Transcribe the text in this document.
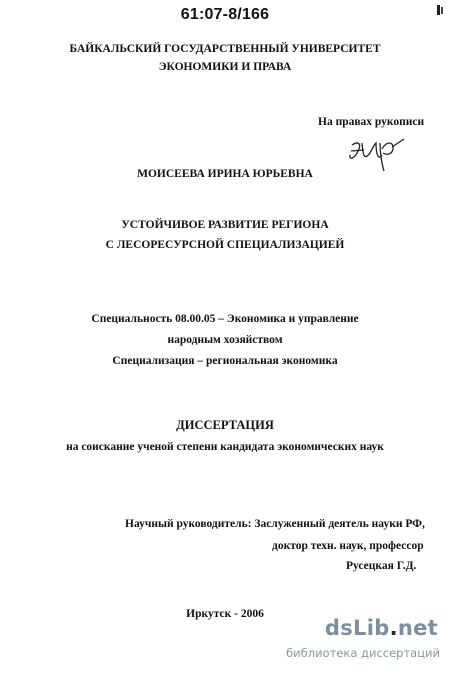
61:07-8/166
БАЙКАЛЬСКИЙ ГОСУДАРСТВЕННЫЙ УНИВЕРСИТЕТ
ЭКОНОМИКИ И ПРАВА
На правах рукописи
МОИСЕЕВА ИРИНА ЮРЬЕВНА
УСТОЙЧИВОЕ РАЗВИТИЕ РЕГИОНА
С ЛЕСОРЕСУРСНОЙ СПЕЦИАЛИЗАЦИЕЙ
Специальность 08.00.05 – Экономика и управление
народным хозяйством
Специализация – региональная экономика
ДИССЕРТАЦИЯ
на соискание ученой степени кандидата экономических наук
Научный руководитель: Заслуженный деятель науки РФ,
доктор техн. наук, профессор
Русецкая Г.Д.
Иркутск - 2006
dsLib.net
библиотека диссертаций
